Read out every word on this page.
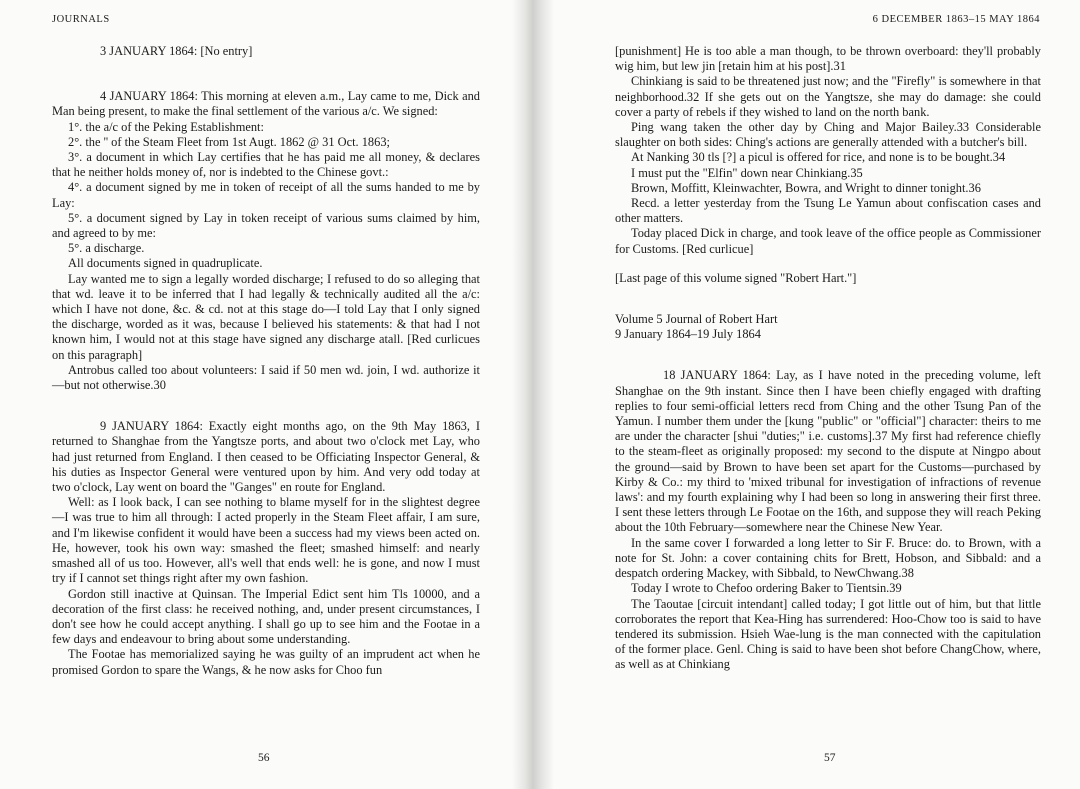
JOURNALS

3 JANUARY 1864: [No entry]

4 JANUARY 1864: This morning at eleven a.m., Lay came to me, Dick and Man being present, to make the final settlement of the various a/c. We signed:

1°. the a/c of the Peking Establishment:

2°. the '' of the Steam Fleet from 1st Augt. 1862 @ 31 Oct. 1863;

3°. a document in which Lay certifies that he has paid me all money, & declares that he neither holds money of, nor is indebted to the Chinese govt.:

4°. a document signed by me in token of receipt of all the sums handed to me by Lay:

5°. a document signed by Lay in token receipt of various sums claimed by him, and agreed to by me:

5°. a discharge.

All documents signed in quadruplicate.

Lay wanted me to sign a legally worded discharge; I refused to do so alleging that that wd. leave it to be inferred that I had legally & technically audited all the a/c: which I have not done, &c. & cd. not at this stage do—I told Lay that I only signed the discharge, worded as it was, because I believed his statements: & that had I not known him, I would not at this stage have signed any discharge atall. [Red curlicues on this paragraph]

Antrobus called too about volunteers: I said if 50 men wd. join, I wd. authorize it—but not otherwise.30

9 JANUARY 1864: Exactly eight months ago, on the 9th May 1863, I returned to Shanghae from the Yangtsze ports, and about two o'clock met Lay, who had just returned from England. I then ceased to be Officiating Inspector General, & his duties as Inspector General were ventured upon by him. And very odd today at two o'clock, Lay went on board the "Ganges" en route for England.

Well: as I look back, I can see nothing to blame myself for in the slightest degree—I was true to him all through: I acted properly in the Steam Fleet affair, I am sure, and I'm likewise confident it would have been a success had my views been acted on. He, however, took his own way: smashed the fleet; smashed himself: and nearly smashed all of us too. However, all's well that ends well: he is gone, and now I must try if I cannot set things right after my own fashion.

Gordon still inactive at Quinsan. The Imperial Edict sent him Tls 10000, and a decoration of the first class: he received nothing, and, under present circumstances, I don't see how he could accept anything. I shall go up to see him and the Footae in a few days and endeavour to bring about some understanding.

The Footae has memorialized saying he was guilty of an imprudent act when he promised Gordon to spare the Wangs, & he now asks for Choo fun

56
6 DECEMBER 1863–15 MAY 1864

[punishment] He is too able a man though, to be thrown overboard: they'll probably wig him, but lew jin [retain him at his post].31

Chinkiang is said to be threatened just now; and the "Firefly" is somewhere in that neighborhood.32 If she gets out on the Yangtsze, she may do damage: she could cover a party of rebels if they wished to land on the north bank.

Ping wang taken the other day by Ching and Major Bailey.33 Considerable slaughter on both sides: Ching's actions are generally attended with a butcher's bill.

At Nanking 30 tls [?] a picul is offered for rice, and none is to be bought.34

I must put the "Elfin" down near Chinkiang.35

Brown, Moffitt, Kleinwachter, Bowra, and Wright to dinner tonight.36

Recd. a letter yesterday from the Tsung Le Yamun about confiscation cases and other matters.

Today placed Dick in charge, and took leave of the office people as Commissioner for Customs. [Red curlicue]

[Last page of this volume signed "Robert Hart."]

Volume 5 Journal of Robert Hart

9 January 1864–19 July 1864

18 JANUARY 1864: Lay, as I have noted in the preceding volume, left Shanghae on the 9th instant. Since then I have been chiefly engaged with drafting replies to four semi-official letters recd from Ching and the other Tsung Pan of the Yamun. I number them under the [kung "public" or "official"] character: theirs to me are under the character [shui "duties;" i.e. customs].37 My first had reference chiefly to the steam-fleet as originally proposed: my second to the dispute at Ningpo about the ground—said by Brown to have been set apart for the Customs—purchased by Kirby & Co.: my third to 'mixed tribunal for investigation of infractions of revenue laws': and my fourth explaining why I had been so long in answering their first three. I sent these letters through Le Footae on the 16th, and suppose they will reach Peking about the 10th February—somewhere near the Chinese New Year.

In the same cover I forwarded a long letter to Sir F. Bruce: do. to Brown, with a note for St. John: a cover containing chits for Brett, Hobson, and Sibbald: and a despatch ordering Mackey, with Sibbald, to NewChwang.38

Today I wrote to Chefoo ordering Baker to Tientsin.39

The Taoutae [circuit intendant] called today; I got little out of him, but that little corroborates the report that Kea-Hing has surrendered: Hoo-Chow too is said to have tendered its submission. Hsieh Wae-lung is the man connected with the capitulation of the former place. Genl. Ching is said to have been shot before ChangChow, where, as well as at Chinkiang

57
